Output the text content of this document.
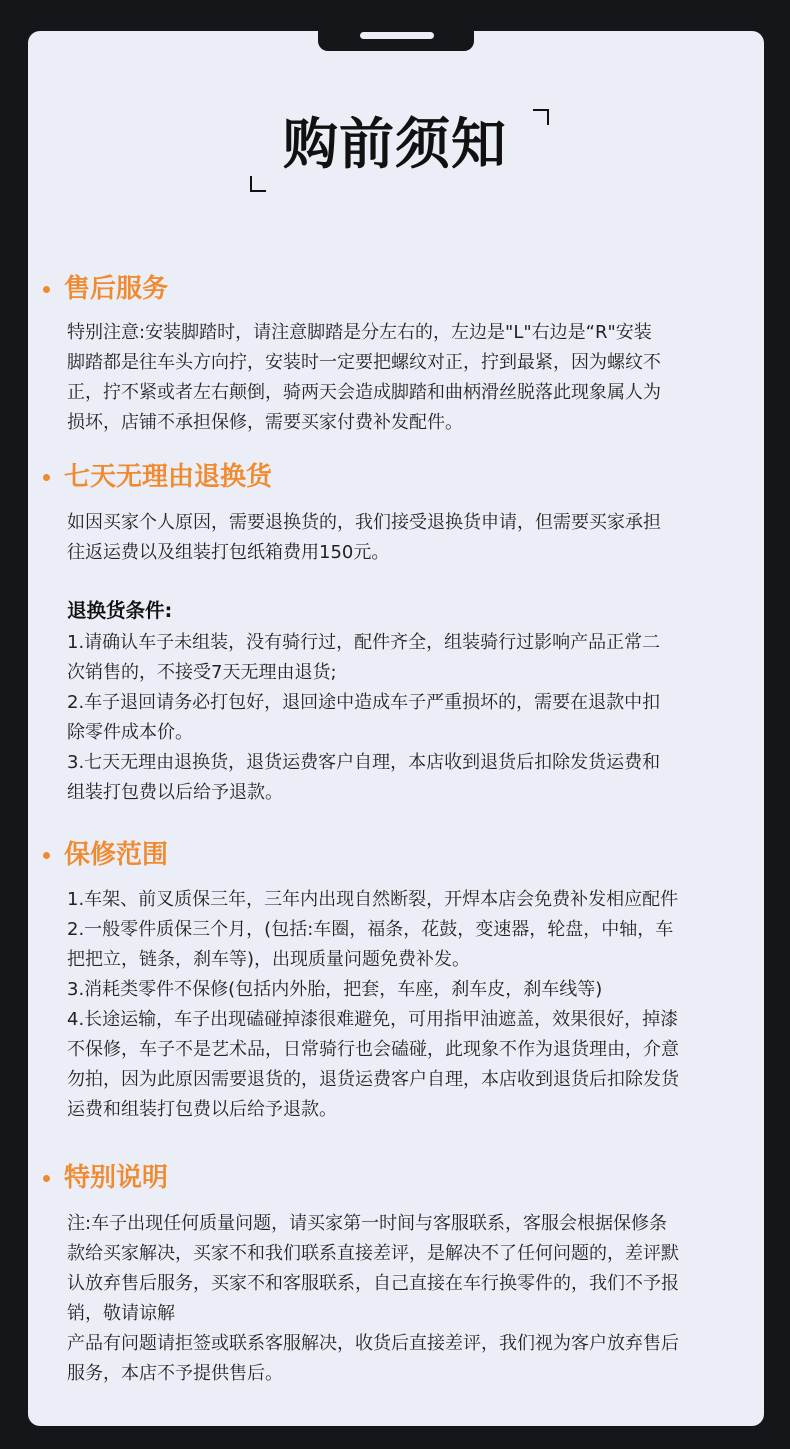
购前须知
售后服务
特别注意:安装脚踏时，请注意脚踏是分左右的，左边是"L"右边是“R"安装
脚踏都是往车头方向拧，安装时一定要把螺纹对正，拧到最紧，因为螺纹不
正，拧不紧或者左右颠倒，骑两天会造成脚踏和曲柄滑丝脱落此现象属人为
损坏，店铺不承担保修，需要买家付费补发配件。
七天无理由退换货
如因买家个人原因，需要退换货的，我们接受退换货申请，但需要买家承担
往返运费以及组装打包纸箱费用150元。
退换货条件:
1.请确认车子未组装，没有骑行过，配件齐全，组装骑行过影响产品正常二
次销售的，不接受7天无理由退货;
2.车子退回请务必打包好，退回途中造成车子严重损坏的，需要在退款中扣
除零件成本价。
3.七天无理由退换货，退货运费客户自理，本店收到退货后扣除发货运费和
组装打包费以后给予退款。
保修范围
1.车架、前叉质保三年，三年内出现自然断裂，开焊本店会免费补发相应配件
2.一般零件质保三个月，(包括:车圈，福条，花鼓，变速器，轮盘，中轴，车
把把立，链条，刹车等)，出现质量问题免费补发。
3.消耗类零件不保修(包括内外胎，把套，车座，刹车皮，刹车线等)
4.长途运输，车子出现磕碰掉漆很难避免，可用指甲油遮盖，效果很好，掉漆
不保修，车子不是艺术品，日常骑行也会磕碰，此现象不作为退货理由，介意
勿拍，因为此原因需要退货的，退货运费客户自理，本店收到退货后扣除发货
运费和组装打包费以后给予退款。
特别说明
注:车子出现任何质量问题，请买家第一时间与客服联系，客服会根据保修条
款给买家解决，买家不和我们联系直接差评，是解决不了任何问题的，差评默
认放弃售后服务，买家不和客服联系，自己直接在车行换零件的，我们不予报
销，敬请谅解
产品有问题请拒签或联系客服解决，收货后直接差评，我们视为客户放弃售后
服务，本店不予提供售后。
